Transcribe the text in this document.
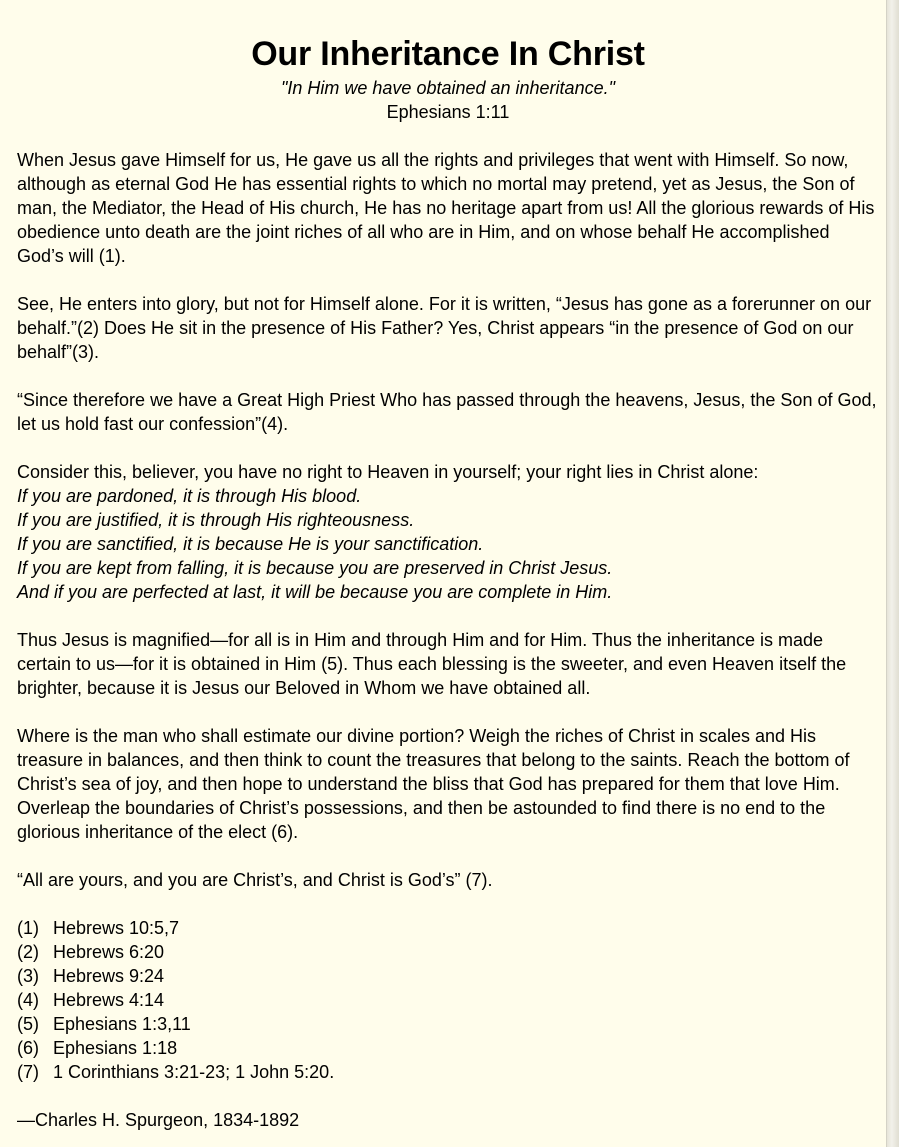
Our Inheritance In Christ

"In Him we have obtained an inheritance."

Ephesians 1:11

When Jesus gave Himself for us, He gave us all the rights and privileges that went with Himself. So now, although as eternal God He has essential rights to which no mortal may pretend, yet as Jesus, the Son of man, the Mediator, the Head of His church, He has no heritage apart from us! All the glorious rewards of His obedience unto death are the joint riches of all who are in Him, and on whose behalf He accomplished God’s will (1).

See, He enters into glory, but not for Himself alone. For it is written, “Jesus has gone as a forerunner on our behalf.”(2) Does He sit in the presence of His Father? Yes, Christ appears “in the presence of God on our behalf”(3).

“Since therefore we have a Great High Priest Who has passed through the heavens, Jesus, the Son of God, let us hold fast our confession”(4).

Consider this, believer, you have no right to Heaven in yourself; your right lies in Christ alone:
If you are pardoned, it is through His blood.
If you are justified, it is through His righteousness.
If you are sanctified, it is because He is your sanctification.
If you are kept from falling, it is because you are preserved in Christ Jesus.
And if you are perfected at last, it will be because you are complete in Him.

Thus Jesus is magnified—for all is in Him and through Him and for Him. Thus the inheritance is made certain to us—for it is obtained in Him (5). Thus each blessing is the sweeter, and even Heaven itself the brighter, because it is Jesus our Beloved in Whom we have obtained all.

Where is the man who shall estimate our divine portion? Weigh the riches of Christ in scales and His treasure in balances, and then think to count the treasures that belong to the saints. Reach the bottom of Christ’s sea of joy, and then hope to understand the bliss that God has prepared for them that love Him. Overleap the boundaries of Christ’s possessions, and then be astounded to find there is no end to the glorious inheritance of the elect (6).

“All are yours, and you are Christ’s, and Christ is God’s” (7).

(1) Hebrews 10:5,7
(2) Hebrews 6:20
(3) Hebrews 9:24
(4) Hebrews 4:14
(5) Ephesians 1:3,11
(6) Ephesians 1:18
(7) 1 Corinthians 3:21-23; 1 John 5:20.

—Charles H. Spurgeon, 1834-1892
